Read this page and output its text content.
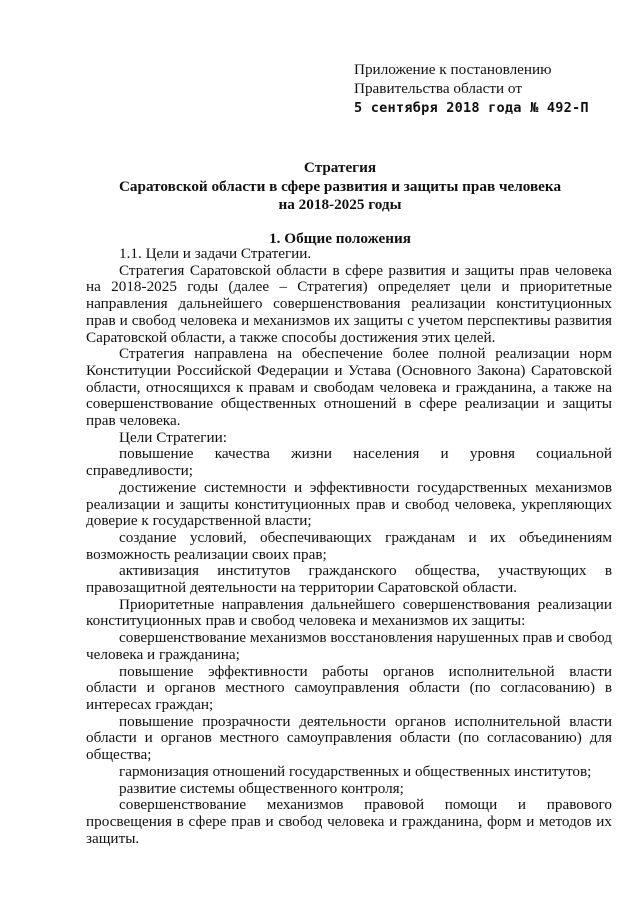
Приложение к постановлению
Правительства области от
5 сентября 2018 года № 492-П
Стратегия
Саратовской области в сфере развития и защиты прав человека
на 2018-2025 годы
1. Общие положения

1.1. Цели и задачи Стратегии.

Стратегия Саратовской области в сфере развития и защиты прав человека на 2018-2025 годы (далее – Стратегия) определяет цели и приоритетные направления дальнейшего совершенствования реализации конституционных прав и свобод человека и механизмов их защиты с учетом перспективы развития Саратовской области, а также способы достижения этих целей.

Стратегия направлена на обеспечение более полной реализации норм Конституции Российской Федерации и Устава (Основного Закона) Саратовской области, относящихся к правам и свободам человека и гражданина, а также на совершенствование общественных отношений в сфере реализации и защиты прав человека.

Цели Стратегии:

повышение качества жизни населения и уровня социальной справедливости;

достижение системности и эффективности государственных механизмов реализации и защиты конституционных прав и свобод человека, укрепляющих доверие к государственной власти;

создание условий, обеспечивающих гражданам и их объединениям возможность реализации своих прав;

активизация институтов гражданского общества, участвующих в правозащитной деятельности на территории Саратовской области.

Приоритетные направления дальнейшего совершенствования реализации конституционных прав и свобод человека и механизмов их защиты:

совершенствование механизмов восстановления нарушенных прав и свобод человека и гражданина;

повышение эффективности работы органов исполнительной власти области и органов местного самоуправления области (по согласованию) в интересах граждан;

повышение прозрачности деятельности органов исполнительной власти области и органов местного самоуправления области (по согласованию) для общества;

гармонизация отношений государственных и общественных институтов;

развитие системы общественного контроля;

совершенствование механизмов правовой помощи и правового просвещения в сфере прав и свобод человека и гражданина, форм и методов их защиты.
